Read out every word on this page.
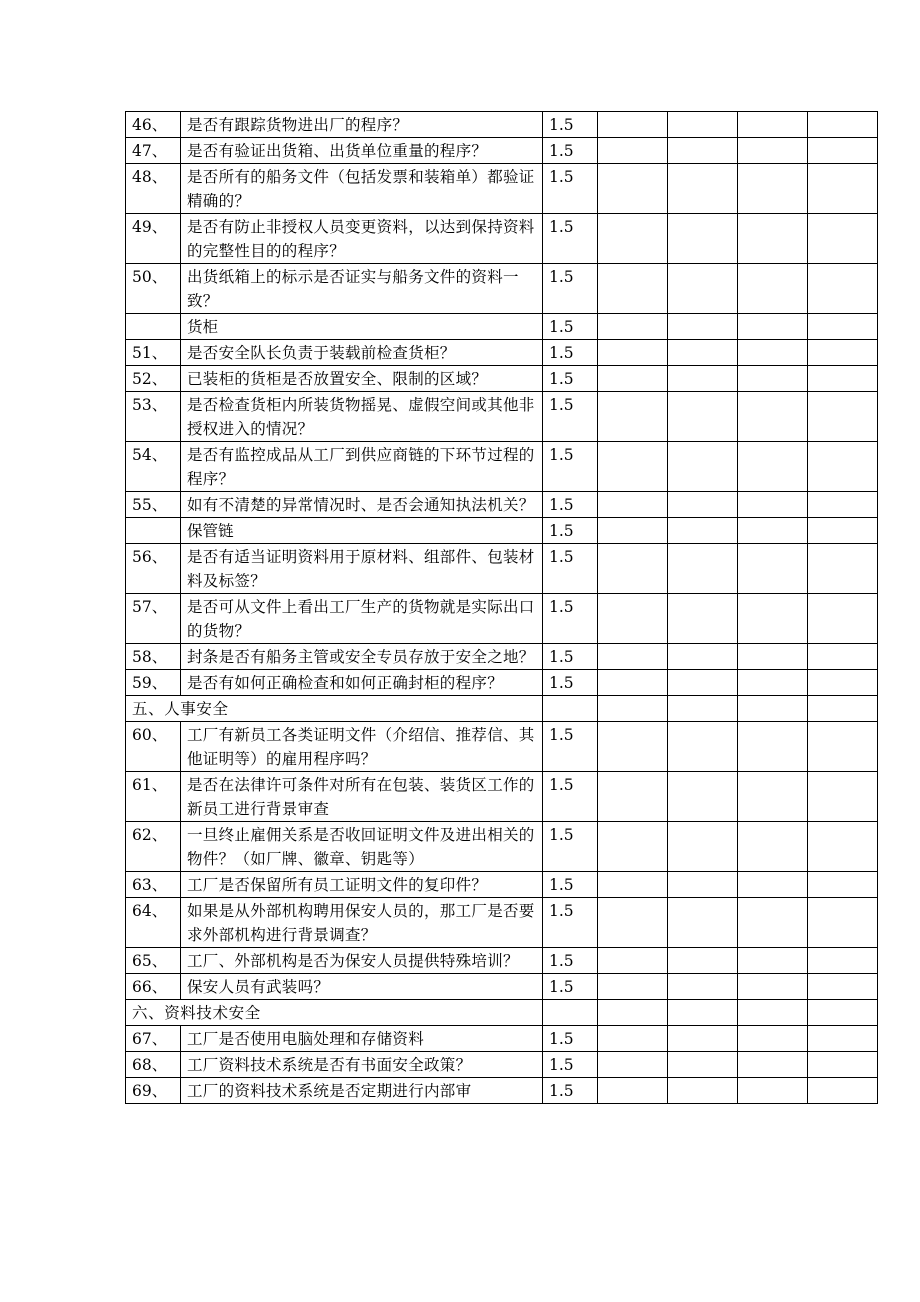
46、	是否有跟踪货物进出厂的程序？	1.5				
47、	是否有验证出货箱、出货单位重量的程序？	1.5				
48、	是否所有的船务文件（包括发票和装箱单）都验证精确的？	1.5				
49、	是否有防止非授权人员变更资料，以达到保持资料的完整性目的的程序？	1.5				
50、	出货纸箱上的标示是否证实与船务文件的资料一致？	1.5				
	货柜	1.5				
51、	是否安全队长负责于装载前检查货柜？	1.5				
52、	已装柜的货柜是否放置安全、限制的区域？	1.5				
53、	是否检查货柜内所装货物摇晃、虚假空间或其他非授权进入的情况？	1.5				
54、	是否有监控成品从工厂到供应商链的下环节过程的程序？	1.5				
55、	如有不清楚的异常情况时、是否会通知执法机关？	1.5				
	保管链	1.5				
56、	是否有适当证明资料用于原材料、组部件、包装材料及标签？	1.5				
57、	是否可从文件上看出工厂生产的货物就是实际出口的货物？	1.5				
58、	封条是否有船务主管或安全专员存放于安全之地？	1.5				
59、	是否有如何正确检查和如何正确封柜的程序？	1.5				
五、人事安全						
60、	工厂有新员工各类证明文件（介绍信、推荐信、其他证明等）的雇用程序吗？	1.5				
61、	是否在法律许可条件对所有在包装、装货区工作的新员工进行背景审查	1.5				
62、	一旦终止雇佣关系是否收回证明文件及进出相关的物件？（如厂牌、徽章、钥匙等）	1.5				
63、	工厂是否保留所有员工证明文件的复印件？	1.5				
64、	如果是从外部机构聘用保安人员的，那工厂是否要求外部机构进行背景调查？	1.5				
65、	工厂、外部机构是否为保安人员提供特殊培训？	1.5				
66、	保安人员有武装吗？	1.5				
六、资料技术安全						
67、	工厂是否使用电脑处理和存储资料	1.5				
68、	工厂资料技术系统是否有书面安全政策？	1.5				
69、	工厂的资料技术系统是否定期进行内部审	1.5				
